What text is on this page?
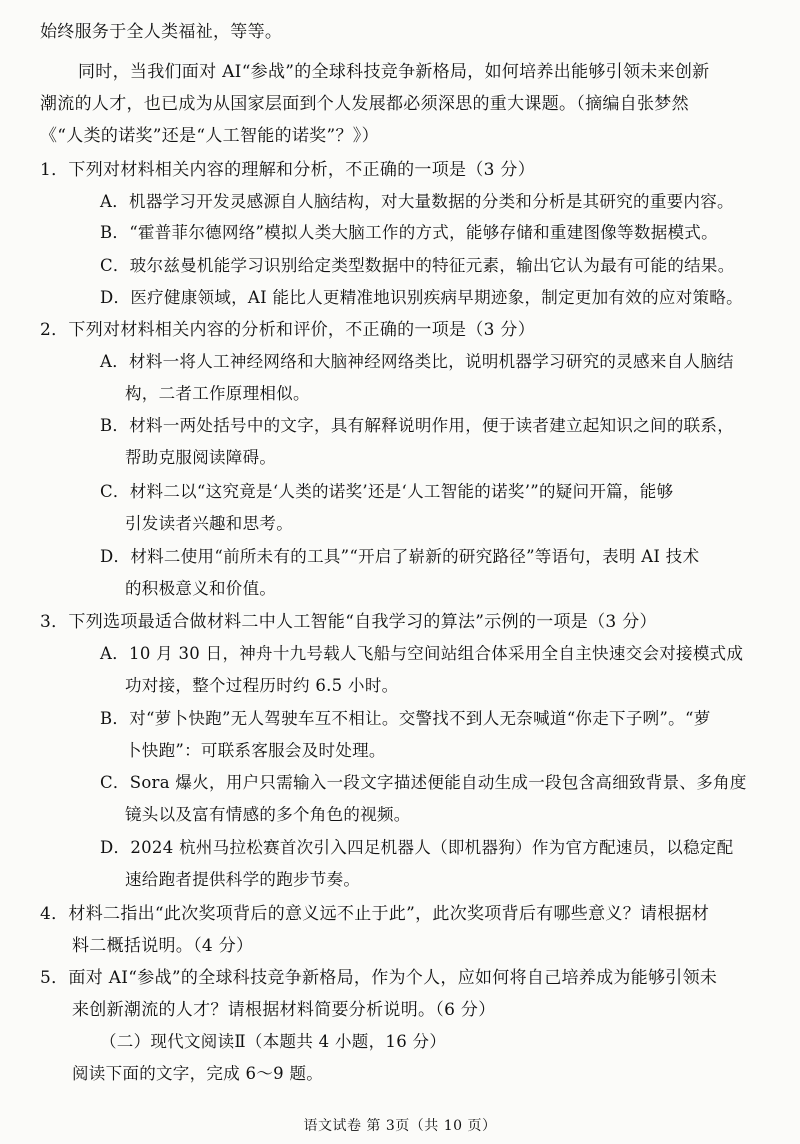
始终服务于全人类福祉，等等。
同时，当我们面对 AI“参战”的全球科技竞争新格局，如何培养出能够引领未来创新
潮流的人才，也已成为从国家层面到个人发展都必须深思的重大课题。（摘编自张梦然
《“人类的诺奖”还是“人工智能的诺奖”？》）
1．下列对材料相关内容的理解和分析，不正确的一项是（3 分）
A．机器学习开发灵感源自人脑结构，对大量数据的分类和分析是其研究的重要内容。
B．“霍普菲尔德网络”模拟人类大脑工作的方式，能够存储和重建图像等数据模式。
C．玻尔兹曼机能学习识别给定类型数据中的特征元素，输出它认为最有可能的结果。
D．医疗健康领域，AI 能比人更精准地识别疾病早期迹象，制定更加有效的应对策略。
2．下列对材料相关内容的分析和评价，不正确的一项是（3 分）
A．材料一将人工神经网络和大脑神经网络类比，说明机器学习研究的灵感来自人脑结
构，二者工作原理相似。
B．材料一两处括号中的文字，具有解释说明作用，便于读者建立起知识之间的联系，
帮助克服阅读障碍。
C．材料二以“这究竟是‘人类的诺奖’还是‘人工智能的诺奖’”的疑问开篇，能够
引发读者兴趣和思考。
D．材料二使用“前所未有的工具”“开启了崭新的研究路径”等语句，表明 AI 技术
的积极意义和价值。
3．下列选项最适合做材料二中人工智能“自我学习的算法”示例的一项是（3 分）
A．10 月 30 日，神舟十九号载人飞船与空间站组合体采用全自主快速交会对接模式成
功对接，整个过程历时约 6.5 小时。
B．对“萝卜快跑”无人驾驶车互不相让。交警找不到人无奈喊道“你走下子咧”。“萝
卜快跑”：可联系客服会及时处理。
C．Sora 爆火，用户只需输入一段文字描述便能自动生成一段包含高细致背景、多角度
镜头以及富有情感的多个角色的视频。
D．2024 杭州马拉松赛首次引入四足机器人（即机器狗）作为官方配速员，以稳定配
速给跑者提供科学的跑步节奏。
4．材料二指出“此次奖项背后的意义远不止于此”，此次奖项背后有哪些意义？请根据材
料二概括说明。（4 分）
5．面对 AI“参战”的全球科技竞争新格局，作为个人，应如何将自己培养成为能够引领未
来创新潮流的人才？请根据材料简要分析说明。（6 分）
（二）现代文阅读Ⅱ（本题共 4 小题，16 分）
阅读下面的文字，完成 6～9 题。
语文试卷 第 3页（共 10 页）
